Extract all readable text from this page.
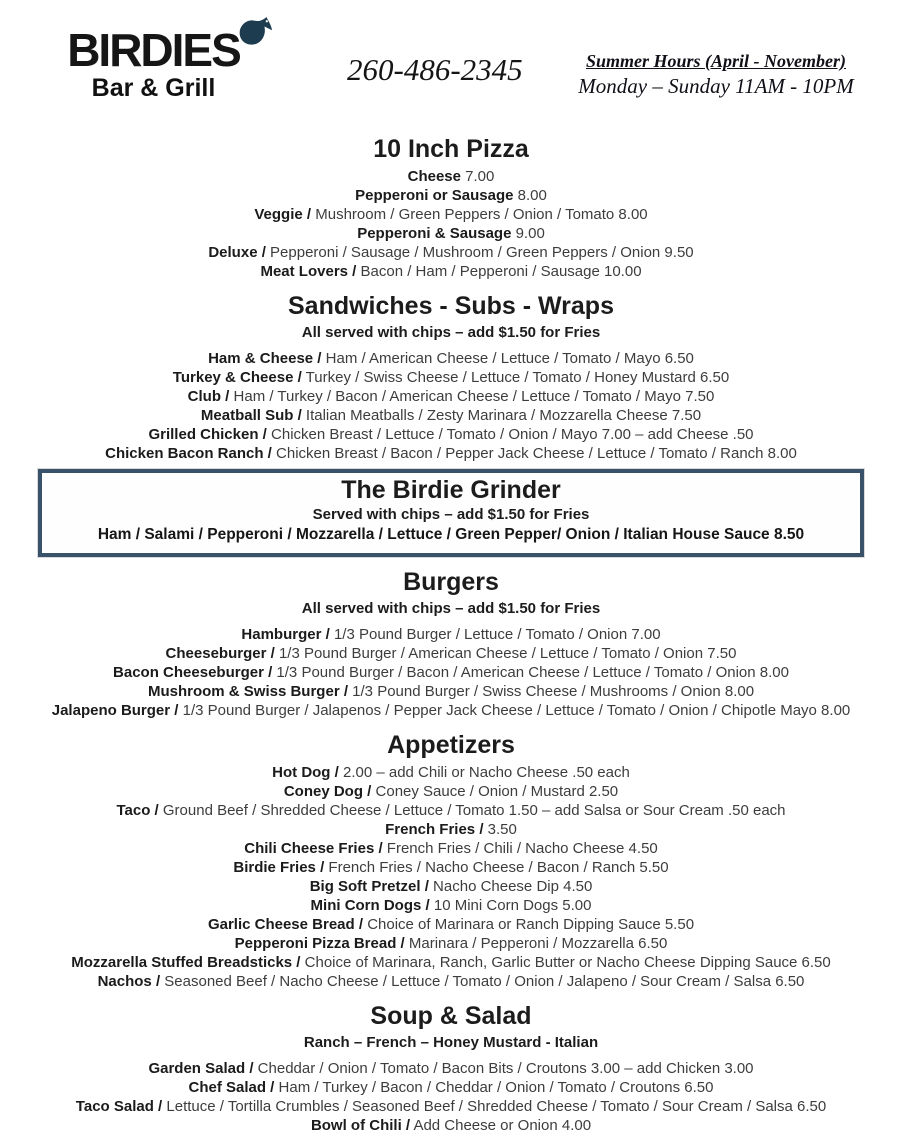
BIRDIES
Bar & Grill
260-486-2345	Summer Hours (April - November)
Monday – Sunday 11AM - 10PM
10 Inch Pizza
Cheese 7.00
Pepperoni or Sausage 8.00
Veggie / Mushroom / Green Peppers / Onion / Tomato 8.00
Pepperoni & Sausage 9.00
Deluxe / Pepperoni / Sausage / Mushroom / Green Peppers / Onion 9.50
Meat Lovers / Bacon / Ham / Pepperoni / Sausage 10.00
Sandwiches - Subs - Wraps
All served with chips – add $1.50 for Fries
Ham & Cheese / Ham / American Cheese / Lettuce / Tomato / Mayo 6.50
Turkey & Cheese / Turkey / Swiss Cheese / Lettuce / Tomato / Honey Mustard 6.50
Club / Ham / Turkey / Bacon / American Cheese / Lettuce / Tomato / Mayo 7.50
Meatball Sub / Italian Meatballs / Zesty Marinara / Mozzarella Cheese 7.50
Grilled Chicken / Chicken Breast / Lettuce / Tomato / Onion / Mayo 7.00 – add Cheese .50
Chicken Bacon Ranch / Chicken Breast / Bacon / Pepper Jack Cheese / Lettuce / Tomato / Ranch 8.00
The Birdie Grinder
Served with chips – add $1.50 for Fries
Ham / Salami / Pepperoni / Mozzarella / Lettuce / Green Pepper/ Onion / Italian House Sauce 8.50
Burgers
All served with chips – add $1.50 for Fries
Hamburger / 1/3 Pound Burger / Lettuce / Tomato / Onion 7.00
Cheeseburger / 1/3 Pound Burger / American Cheese / Lettuce / Tomato / Onion 7.50
Bacon Cheeseburger / 1/3 Pound Burger / Bacon / American Cheese / Lettuce / Tomato / Onion 8.00
Mushroom & Swiss Burger / 1/3 Pound Burger / Swiss Cheese / Mushrooms / Onion 8.00
Jalapeno Burger / 1/3 Pound Burger / Jalapenos / Pepper Jack Cheese / Lettuce / Tomato / Onion / Chipotle Mayo 8.00
Appetizers
Hot Dog / 2.00 – add Chili or Nacho Cheese .50 each
Coney Dog / Coney Sauce / Onion / Mustard 2.50
Taco / Ground Beef / Shredded Cheese / Lettuce / Tomato 1.50 – add Salsa or Sour Cream .50 each
French Fries / 3.50
Chili Cheese Fries / French Fries / Chili / Nacho Cheese 4.50
Birdie Fries / French Fries / Nacho Cheese / Bacon / Ranch 5.50
Big Soft Pretzel / Nacho Cheese Dip 4.50
Mini Corn Dogs / 10 Mini Corn Dogs 5.00
Garlic Cheese Bread / Choice of Marinara or Ranch Dipping Sauce 5.50
Pepperoni Pizza Bread / Marinara / Pepperoni / Mozzarella 6.50
Mozzarella Stuffed Breadsticks / Choice of Marinara, Ranch, Garlic Butter or Nacho Cheese Dipping Sauce 6.50
Nachos / Seasoned Beef / Nacho Cheese / Lettuce / Tomato / Onion / Jalapeno / Sour Cream / Salsa 6.50
Soup & Salad
Ranch – French – Honey Mustard - Italian
Garden Salad / Cheddar / Onion / Tomato / Bacon Bits / Croutons 3.00 – add Chicken 3.00
Chef Salad / Ham / Turkey / Bacon / Cheddar / Onion / Tomato / Croutons 6.50
Taco Salad / Lettuce / Tortilla Crumbles / Seasoned Beef / Shredded Cheese / Tomato / Sour Cream / Salsa 6.50
Bowl of Chili / Add Cheese or Onion 4.00
